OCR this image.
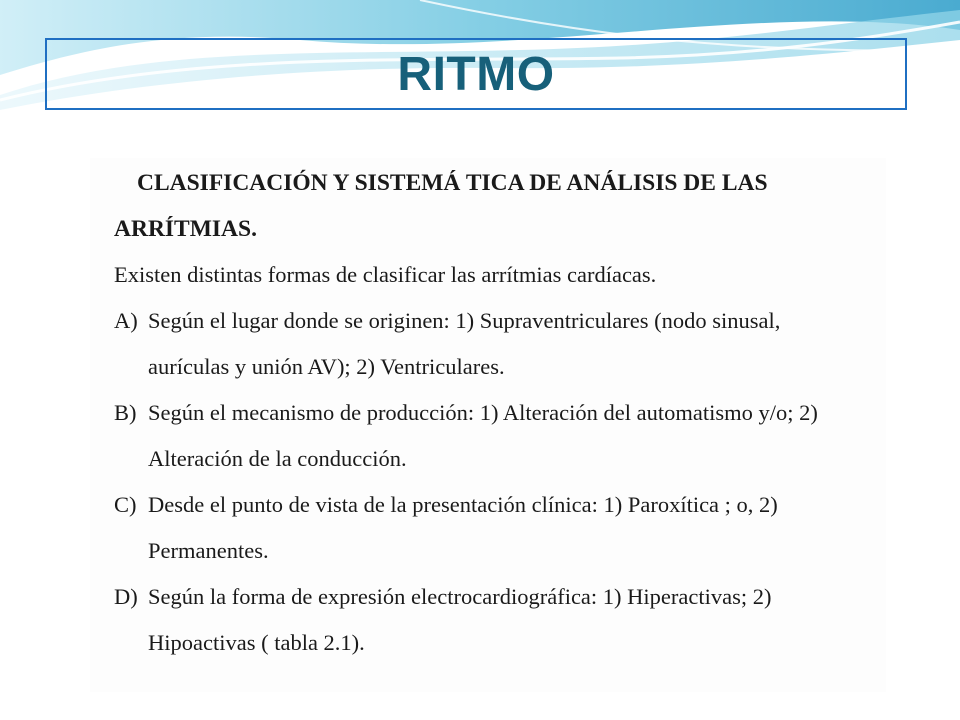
RITMO
CLASIFICACIÓN Y SISTEMÁ TICA DE ANÁLISIS DE LAS
ARRÍTMIAS.
Existen distintas formas de clasificar las arrítmias cardíacas.
A) Según el lugar donde se originen: 1) Supraventriculares (nodo sinusal,
aurículas y unión AV); 2) Ventriculares.
B) Según el mecanismo de producción: 1) Alteración del automatismo y/o; 2)
Alteración de la conducción.
C) Desde el punto de vista de la presentación clínica: 1) Paroxítica ; o, 2)
Permanentes.
D) Según la forma de expresión electrocardiográfica: 1) Hiperactivas; 2)
Hipoactivas ( tabla 2.1).
